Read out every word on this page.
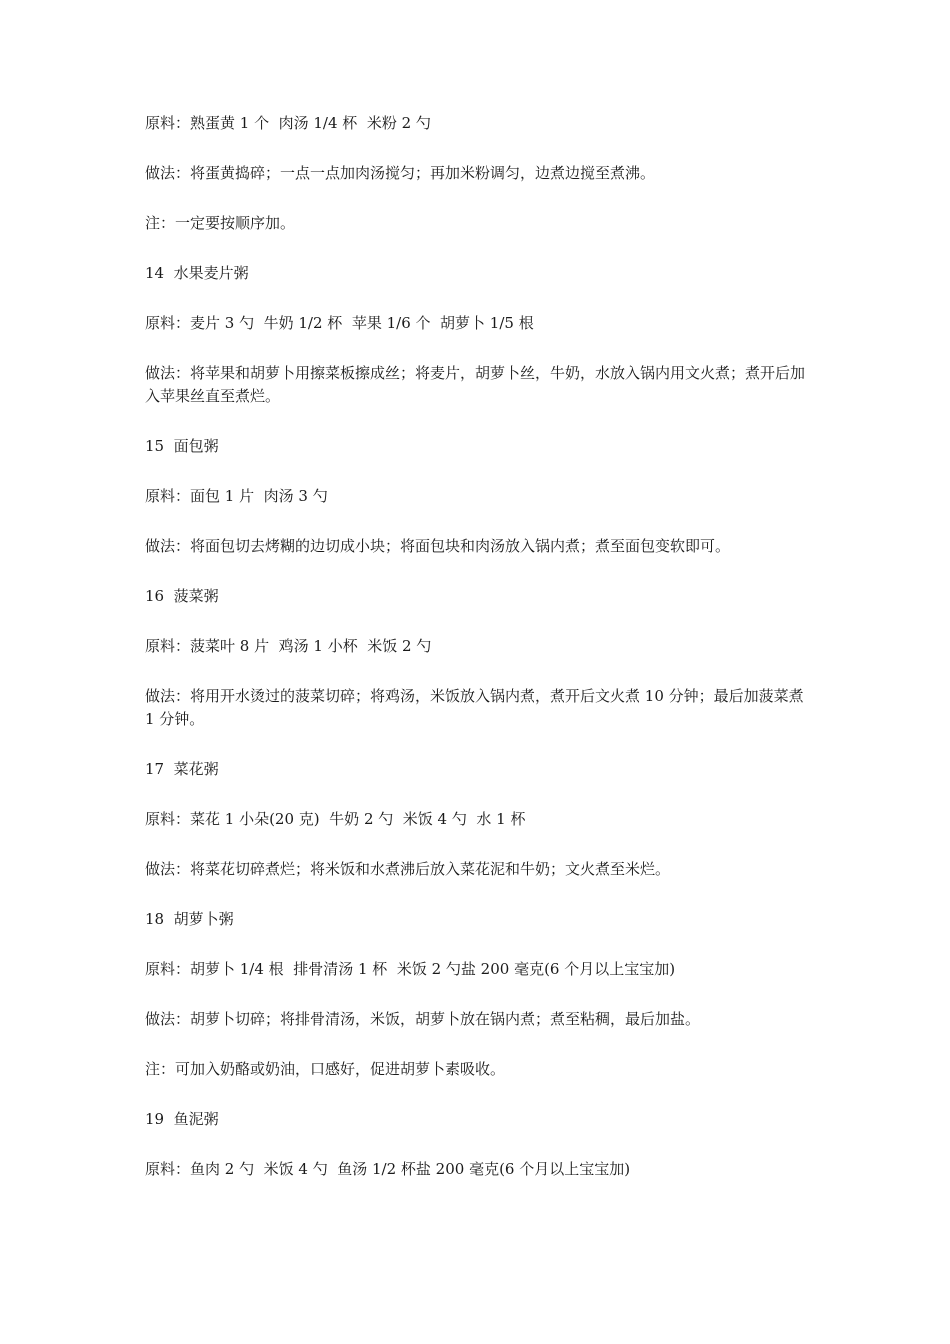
原料：熟蛋黄 1 个  肉汤 1/4 杯  米粉 2 勺

做法：将蛋黄捣碎；一点一点加肉汤搅匀；再加米粉调匀，边煮边搅至煮沸。

注：一定要按顺序加。

14  水果麦片粥

原料：麦片 3 勺  牛奶 1/2 杯  苹果 1/6 个  胡萝卜 1/5 根

做法：将苹果和胡萝卜用擦菜板擦成丝；将麦片，胡萝卜丝，牛奶，水放入锅内用文火煮；煮开后加入苹果丝直至煮烂。

15  面包粥

原料：面包 1 片  肉汤 3 勺

做法：将面包切去烤糊的边切成小块；将面包块和肉汤放入锅内煮；煮至面包变软即可。

16  菠菜粥

原料：菠菜叶 8 片  鸡汤 1 小杯  米饭 2 勺

做法：将用开水烫过的菠菜切碎；将鸡汤，米饭放入锅内煮，煮开后文火煮 10 分钟；最后加菠菜煮 1 分钟。

17  菜花粥

原料：菜花 1 小朵(20 克)  牛奶 2 勺  米饭 4 勺  水 1 杯

做法：将菜花切碎煮烂；将米饭和水煮沸后放入菜花泥和牛奶；文火煮至米烂。

18  胡萝卜粥

原料：胡萝卜 1/4 根  排骨清汤 1 杯  米饭 2 勺盐 200 毫克(6 个月以上宝宝加)

做法：胡萝卜切碎；将排骨清汤，米饭，胡萝卜放在锅内煮；煮至粘稠，最后加盐。

注：可加入奶酪或奶油，口感好，促进胡萝卜素吸收。

19  鱼泥粥

原料：鱼肉 2 勺  米饭 4 勺  鱼汤 1/2 杯盐 200 毫克(6 个月以上宝宝加)
